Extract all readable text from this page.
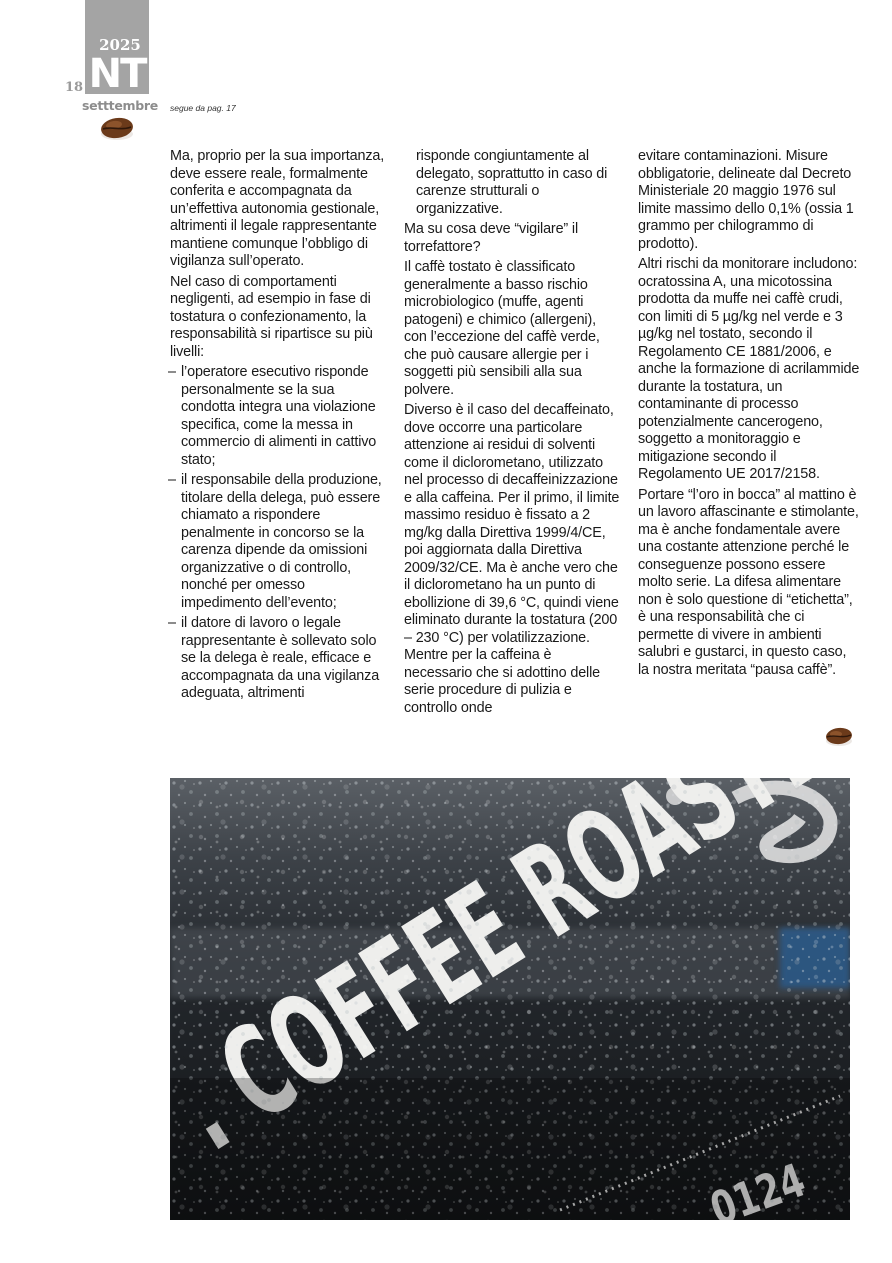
2025
NT
18
setttembre segue da pag. 17

Ma, proprio per la sua importanza, deve essere reale, formalmente conferita e accompagnata da un’effettiva autonomia gestionale, altrimenti il legale rappresentante mantiene comunque l’obbligo di vigilanza sull’operato.

Nel caso di comportamenti negligenti, ad esempio in fase di tostatura o confezionamento, la responsabilità si ripartisce su più livelli:

– l’operatore esecutivo risponde personalmente se la sua condotta integra una violazione specifica, come la messa in commercio di alimenti in cattivo stato;
– il responsabile della produzione, titolare della delega, può essere chiamato a rispondere penalmente in concorso se la carenza dipende da omissioni organizzative o di controllo, nonché per omesso impedimento dell’evento;
– il datore di lavoro o legale rappresentante è sollevato solo se la delega è reale, efficace e accompagnata da una vigilanza adeguata, altrimenti

risponde congiuntamente al delegato, soprattutto in caso di carenze strutturali o organizzative.

Ma su cosa deve “vigilare” il torrefattore?

Il caffè tostato è classificato generalmente a basso rischio microbiologico (muffe, agenti patogeni) e chimico (allergeni), con l’eccezione del caffè verde, che può causare allergie per i soggetti più sensibili alla sua polvere.

Diverso è il caso del decaffeinato, dove occorre una particolare attenzione ai residui di solventi come il diclorometano, utilizzato nel processo di decaffeinizzazione e alla caffeina. Per il primo, il limite massimo residuo è fissato a 2 mg/kg dalla Direttiva 1999/4/CE, poi aggiornata dalla Direttiva 2009/32/CE. Ma è anche vero che il diclorometano ha un punto di ebollizione di 39,6 °C, quindi viene eliminato durante la tostatura (200 – 230 °C) per volatilizzazione. Mentre per la caffeina è necessario che si adottino delle serie procedure di pulizia e controllo onde

evitare contaminazioni. Misure obbligatorie, delineate dal Decreto Ministeriale 20 maggio 1976 sul limite massimo dello 0,1% (ossia 1 grammo per chilogrammo di prodotto).

Altri rischi da monitorare includono: ocratossina A, una micotossina prodotta da muffe nei caffè crudi, con limiti di 5 µg/kg nel verde e 3 µg/kg nel tostato, secondo il Regolamento CE 1881/2006, e anche la formazione di acrilammide durante la tostatura, un contaminante di processo potenzialmente cancerogeno, soggetto a monitoraggio e mitigazione secondo il Regolamento UE 2017/2158.

Portare “l’oro in bocca” al mattino è un lavoro affascinante e stimolante, ma è anche fondamentale avere una costante attenzione perché le conseguenze possono essere molto serie. La difesa alimentare non è solo questione di “etichetta”, è una responsabilità che ci permette di vivere in ambienti salubri e gustarci, in questo caso, la nostra meritata “pausa caffè”.
